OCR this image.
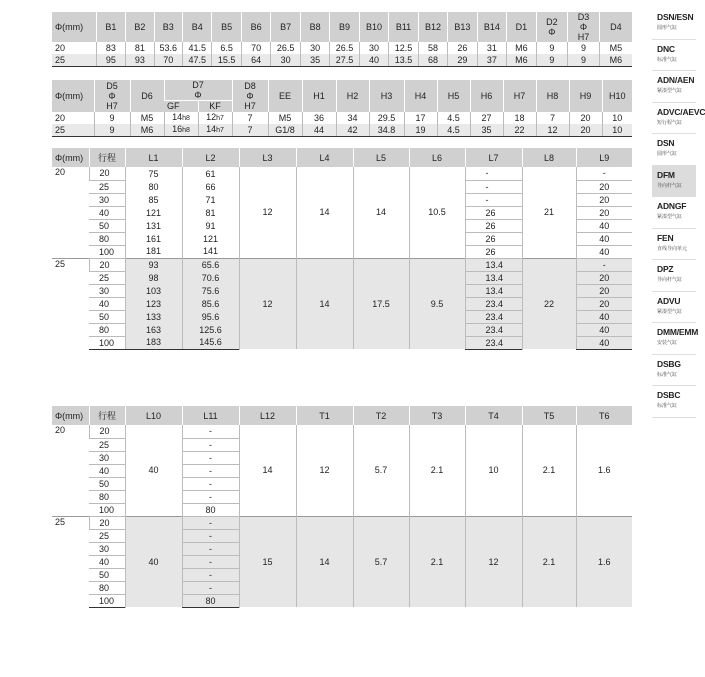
Φ(mm)	B1	B2	B3	B4	B5	B6	B7	B8	B9	B10	B11	B12	B13	B14	D1	D2
Φ	D3
Φ
H7	D4
20	83	81	53.6	41.5	6.5	70	26.5	30	26.5	30	12.5	58	26	31	M6	9	9	M5
25	95	93	70	47.5	15.5	64	30	35	27.5	40	13.5	68	29	37	M6	9	9	M6
Φ(mm)	D5
Φ
H7	D6	D7
Φ		D8
Φ
H7	EE	H1	H2	H3	H4	H5	H6	H7	H8	H9	H10
			GF	KF												
20	9	M5	14h8	12h7	7	M5	36	34	29.5	17	4.5	27	18	7	20	10
25	9	M6	16h8	14h7	7	G1/8	44	42	34.8	19	4.5	35	22	12	20	10
Φ(mm)	行程	L1	L2	L3	L4	L5	L6	L7	L8	L9
20	20	75	61	12	14	14	10.5	-	21	-
	25	80	66					-		20
	30	85	71					-		20
	40	121	81					26		20
	50	131	91					26		40
	80	161	121					26		40
	100	181	141					26		40
25	20	93	65.6	12	14	17.5	9.5	13.4	22	-
	25	98	70.6					13.4		20
	30	103	75.6					13.4		20
	40	123	85.6					23.4		20
	50	133	95.6					23.4		40
	80	163	125.6					23.4		40
	100	183	145.6					23.4		40
Φ(mm)	行程	L10	L11	L12	T1	T2	T3	T4	T5	T6
20	20	40	-	14	12	5.7	2.1	10	2.1	1.6
	25		-							
	30		-							
	40		-							
	50		-							
	80		-							
	100		80							
25	20	40	-	15	14	5.7	2.1	12	2.1	1.6
	25		-							
	30		-							
	40		-							
	50		-							
	80		-							
	100		80							
DSN/ESN
圆形气缸
DNC
标准气缸
ADN/AEN
紧凑型气缸
ADVC/AEVC
短行程气缸
DSN
圆形气缸
DFM
导向杆气缸
ADNGF
紧凑型气缸
FEN
直线导向单元
DPZ
导向杆气缸
ADVU
紧凑型气缸
DMM/EMM
安装气缸
DSBG
标准气缸
DSBC
标准气缸
